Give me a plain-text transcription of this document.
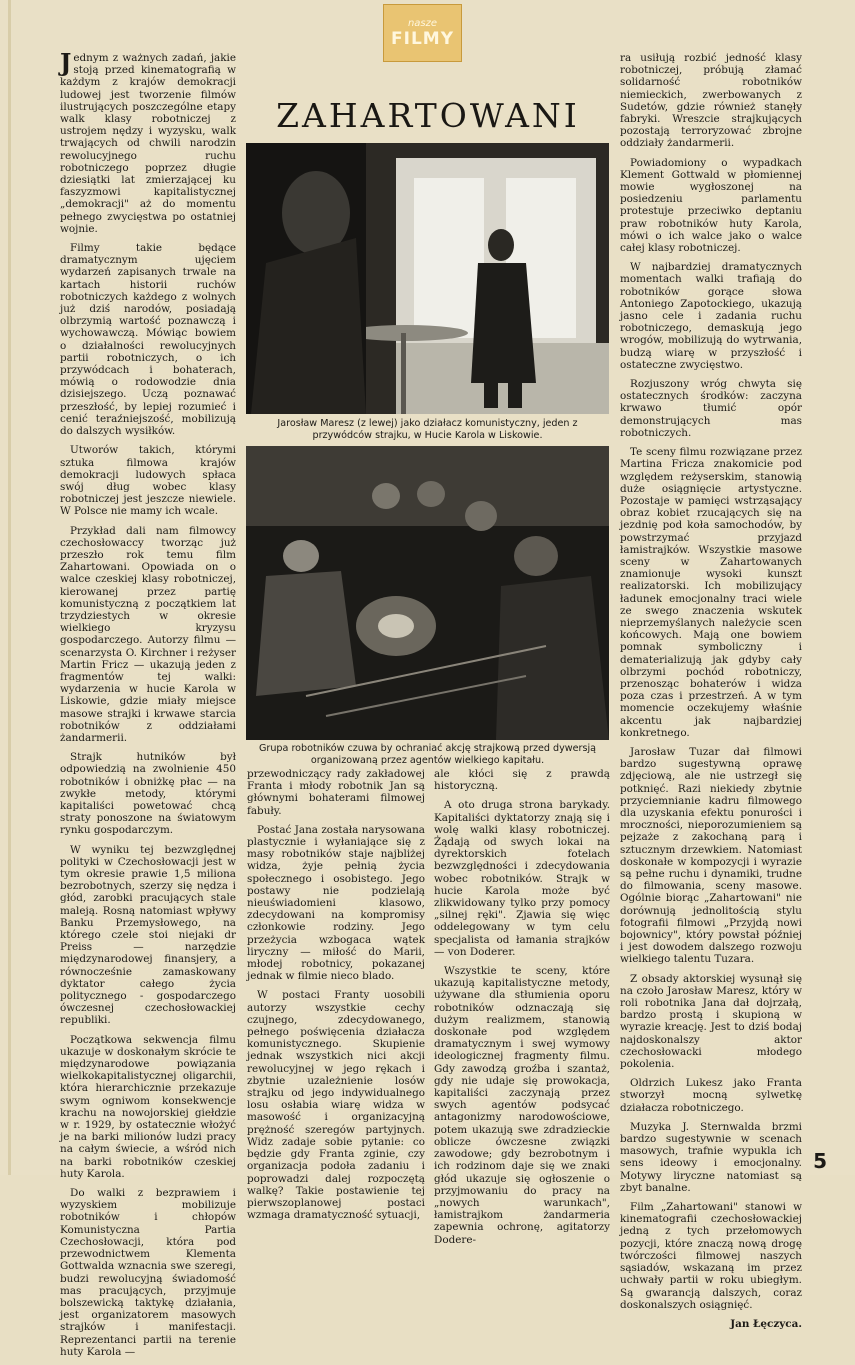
nasze
FILMY
ZAHARTOWANI

Jednym z ważnych zadań, jakie stoją przed kinematografią w każdym z krajów demokracji ludowej jest tworzenie filmów ilustrujących poszczególne etapy walk klasy robotniczej z ustrojem nędzy i wyzysku, walk trwających od chwili narodzin rewolucyjnego ruchu robotniczego poprzez długie dziesiątki lat zmierzającej ku faszyzmowi kapitalistycznej „demokracji" aż do momentu pełnego zwycięstwa po ostatniej wojnie.

Filmy takie będące dramatycznym ujęciem wydarzeń zapisanych trwale na kartach historii ruchów robotniczych każdego z wolnych już dziś narodów, posiadają olbrzymią wartość poznawczą i wychowawczą. Mówiąc bowiem o działalności rewolucyjnych partii robotniczych, o ich przywódcach i bohaterach, mówią o rodowodzie dnia dzisiejszego. Uczą poznawać przeszłość, by lepiej rozumieć i cenić teraźniejszość, mobilizują do dalszych wysiłków.

Utworów takich, którymi sztuka filmowa krajów demokracji ludowych spłaca swój dług wobec klasy robotniczej jest jeszcze niewiele. W Polsce nie mamy ich wcale.

Przykład dali nam filmowcy czechosłowaccy tworząc już przeszło rok temu film Zahartowani. Opowiada on o walce czeskiej klasy robotniczej, kierowanej przez partię komunistyczną z początkiem lat trzydziestych w okresie wielkiego kryzysu gospodarczego. Autorzy filmu — scenarzysta O. Kirchner i reżyser Martin Fricz — ukazują jeden z fragmentów tej walki: wydarzenia w hucie Karola w Liskowie, gdzie miały miejsce masowe strajki i krwawe starcia robotników z oddziałami żandarmerii.

Strajk hutników był odpowiedzią na zwolnienie 450 robotników i obniżkę płac — na zwykłe metody, którymi kapitaliści powetować chcą straty ponoszone na światowym rynku gospodarczym.

W wyniku tej bezwzględnej polityki w Czechosłowacji jest w tym okresie prawie 1,5 miliona bezrobotnych, szerzy się nędza i głód, zarobki pracujących stale maleją. Rosną natomiast wpływy Banku Przemysłowego, na którego czele stoi niejaki dr Preiss — narzędzie międzynarodowej finansjery, a równocześnie zamaskowany dyktator całego życia politycznego - gospodarczego ówczesnej czechosłowackiej republiki.

Początkowa sekwencja filmu ukazuje w doskonałym skrócie te międzynarodowe powiązania wielkokapitalistycznej oligarchii, która hierarchicznie przekazuje swym ogniwom konsekwencje krachu na nowojorskiej giełdzie w r. 1929, by ostatecznie włożyć je na barki milionów ludzi pracy na całym świecie, a wśród nich na barki robotników czeskiej huty Karola.

Do walki z bezprawiem i wyzyskiem mobilizuje robotników i chłopów Komunistyczna Partia Czechosłowacji, która pod przewodnictwem Klementa Gottwalda wznacnia swe szeregi, budzi rewolucyjną świadomość mas pracujących, przyjmuje bolszewicką taktykę działania, jest organizatorem masowych strajków i manifestacji. Reprezentanci partii na terenie huty Karola —

Jarosław Maresz (z lewej) jako działacz komunistyczny, jeden z przywódców strajku, w Hucie Karola w Liskowie.
Grupa robotników czuwa by ochraniać akcję strajkową przed dywersją organizowaną przez agentów wielkiego kapitału.

przewodniczący rady zakładowej Franta i młody robotnik Jan są głównymi bohaterami filmowej fabuły.

Postać Jana została narysowana plastycznie i wyłaniające się z masy robotników staje najbliżej widza, żyje pełnią życia społecznego i osobistego. Jego postawy nie podzielają nieuświadomieni klasowo, zdecydowani na kompromisy członkowie rodziny. Jego przeżycia wzbogaca wątek liryczny — miłość do Marii, młodej robotnicy, pokazanej jednak w filmie nieco blado.

W postaci Franty uosobili autorzy wszystkie cechy czujnego, zdecydowanego, pełnego poświęcenia działacza komunistycznego. Skupienie jednak wszystkich nici akcji rewolucyjnej w jego rękach i zbytnie uzależnienie losów strajku od jego indywidualnego losu osłabia wiarę widza w masowość i organizacyjną prężność szeregów partyjnych. Widz zadaje sobie pytanie: co będzie gdy Franta zginie, czy organizacja podoła zadaniu i poprowadzi dalej rozpoczętą walkę? Takie postawienie tej pierwszoplanowej postaci wzmaga dramatyczność sytuacji,

ale kłóci się z prawdą historyczną.

A oto druga strona barykady. Kapitaliści dyktatorzy znają się i wolę walki klasy robotniczej. Żądają od swych lokai na dyrektorskich fotelach bezwzględności i zdecydowania wobec robotników. Strajk w hucie Karola może być zlikwidowany tylko przy pomocy „silnej ręki". Zjawia się więc oddelegowany w tym celu specjalista od łamania strajków — von Doderer.

Wszystkie te sceny, które ukazują kapitalistyczne metody, używane dla stłumienia oporu robotników odznaczają się dużym realizmem, stanowią doskonałe pod względem dramatycznym i swej wymowy ideologicznej fragmenty filmu. Gdy zawodzą groźba i szantaż, gdy nie udaje się prowokacja, kapitaliści zaczynają przez swych agentów podsycać antagonizmy narodowościowe, potem ukazują swe zdradzieckie oblicze ówczesne związki zawodowe; gdy bezrobotnym i ich rodzinom daje się we znaki głód ukazuje się ogłoszenie o przyjmowaniu do pracy na „nowych warunkach", łamistrajkom żandarmeria zapewnia ochronę, agitatorzy Dodere-

ra usiłują rozbić jedność klasy robotniczej, próbują złamać solidarność robotników niemieckich, zwerbowanych z Sudetów, gdzie również stanęły fabryki. Wreszcie strajkujących pozostają terroryzować zbrojne oddziały żandarmerii.

Powiadomiony o wypadkach Klement Gottwald w płomiennej mowie wygłoszonej na posiedzeniu parlamentu protestuje przeciwko deptaniu praw robotników huty Karola, mówi o ich walce jako o walce całej klasy robotniczej.

W najbardziej dramatycznych momentach walki trafiają do robotników gorące słowa Antoniego Zapotockiego, ukazują jasno cele i zadania ruchu robotniczego, demaskują jego wrogów, mobilizują do wytrwania, budzą wiarę w przyszłość i ostateczne zwycięstwo.

Rozjuszony wróg chwyta się ostatecznych środków: zaczyna krwawo tłumić opór demonstrujących mas robotniczych.

Te sceny filmu rozwiązane przez Martina Fricza znakomicie pod względem reżyserskim, stanowią duże osiągnięcie artystyczne. Pozostaje w pamięci wstrząsający obraz kobiet rzucających się na jezdnię pod koła samochodów, by powstrzymać przyjazd łamistrajków. Wszystkie masowe sceny w Zahartowanych znamionuje wysoki kunszt realizatorski. Ich mobilizujący ładunek emocjonalny traci wiele ze swego znaczenia wskutek nieprzemyślanych należycie scen końcowych. Mają one bowiem pomnak symboliczny i dematerializują jak gdyby cały olbrzymi pochód robotniczy, przenosząc bohaterów i widza poza czas i przestrzeń. A w tym momencie oczekujemy właśnie akcentu jak najbardziej konkretnego.

Jarosław Tuzar dał filmowi bardzo sugestywną oprawę zdjęciową, ale nie ustrzegł się potknięć. Razi niekiedy zbytnie przyciemnianie kadru filmowego dla uzyskania efektu ponurości i mroczności, nieporozumieniem są pejzaże z zakochaną parą i sztucznym drzewkiem. Natomiast doskonałe w kompozycji i wyrazie są pełne ruchu i dynamiki, trudne do filmowania, sceny masowe. Ogólnie biorąc „Zahartowani" nie dorównują jednolitością stylu fotografii filmowi „Przyjdą nowi bojownicy", który powstał później i jest dowodem dalszego rozwoju wielkiego talentu Tuzara.

Z obsady aktorskiej wysunął się na czoło Jarosław Maresz, który w roli robotnika Jana dał dojrzałą, bardzo prostą i skupioną w wyrazie kreację. Jest to dziś bodaj najdoskonalszy aktor czechosłowacki młodego pokolenia.

Oldrzich Lukesz jako Franta stworzył mocną sylwetkę działacza robotniczego.

Muzyka J. Sternwalda brzmi bardzo sugestywnie w scenach masowych, trafnie wypukla ich sens ideowy i emocjonalny. Motywy liryczne natomiast są zbyt banalne.

Film „Zahartowani" stanowi w kinematografii czechosłowackiej jedną z tych przełomowych pozycji, które znaczą nową drogę twórczości filmowej naszych sąsiadów, wskazaną im przez uchwały partii w roku ubiegłym. Są gwarancją dalszych, coraz doskonalszych osiągnięć.

Jan Łęczyca.

5
